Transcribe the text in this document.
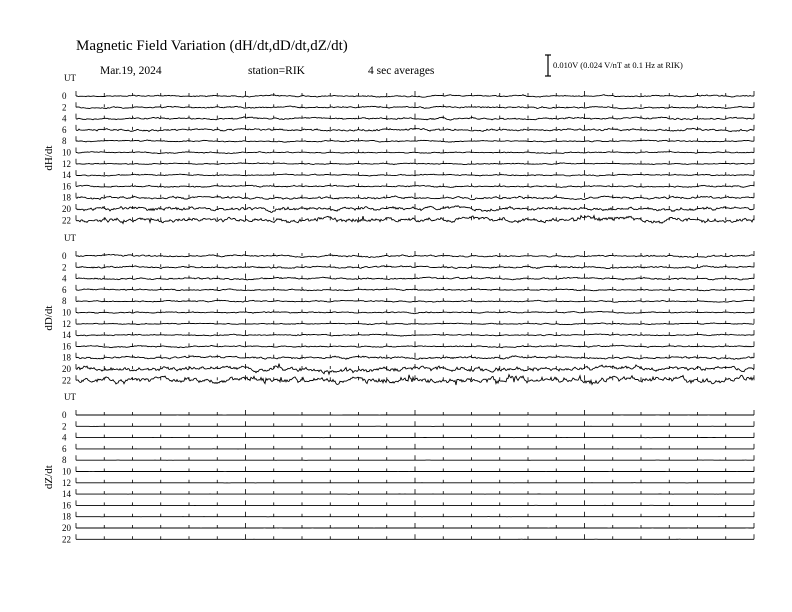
Magnetic Field Variation (dH/dt,dD/dt,dZ/dt)
Mar.19, 2024	station=RIK	4 sec averages	0.010V (0.024 V/nT at 0.1 Hz at RIK)
UT
dH/dt
0
2
4
6
8
10
12
14
16
18
20
22
UT
dD/dt
0
2
4
6
8
10
12
14
16
18
20
22
UT
dZ/dt
0
2
4
6
8
10
12
14
16
18
20
22
